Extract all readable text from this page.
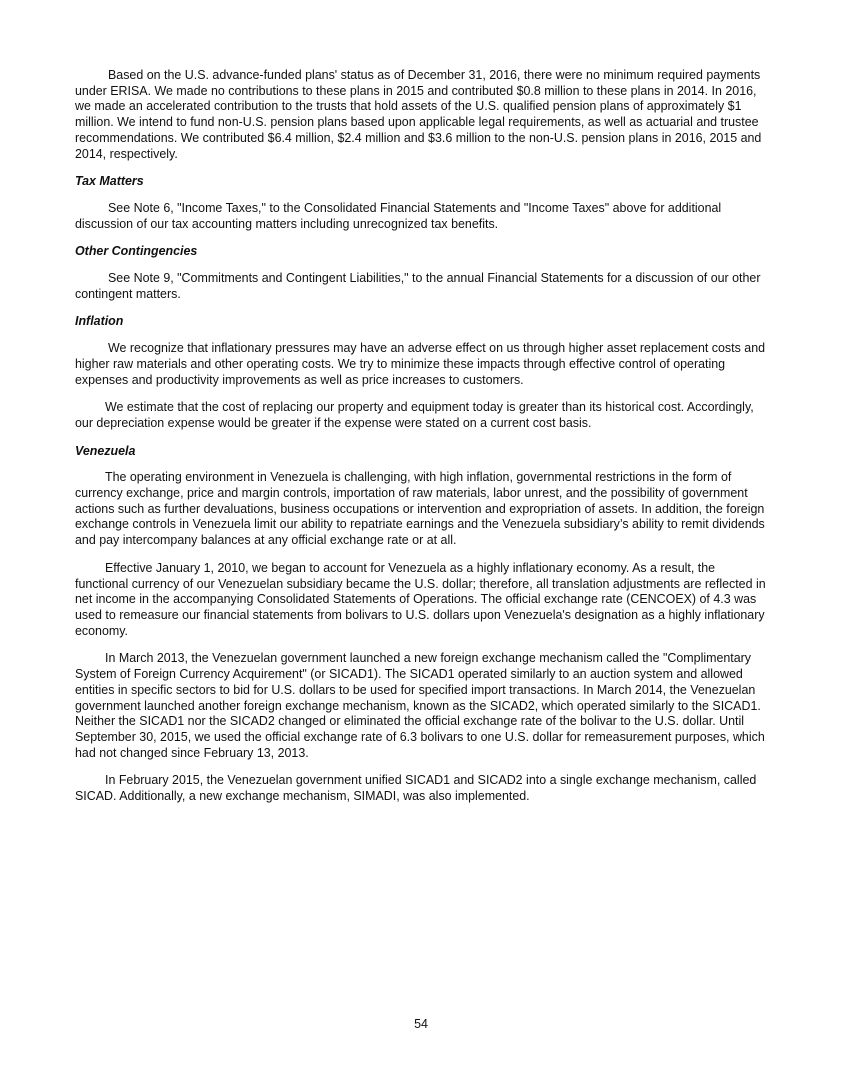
Based on the U.S. advance-funded plans' status as of December 31, 2016, there were no minimum required payments under ERISA. We made no contributions to these plans in 2015 and contributed $0.8 million to these plans in 2014. In 2016, we made an accelerated contribution to the trusts that hold assets of the U.S. qualified pension plans of approximately $1 million. We intend to fund non-U.S. pension plans based upon applicable legal requirements, as well as actuarial and trustee recommendations. We contributed $6.4 million, $2.4 million and $3.6 million to the non-U.S. pension plans in 2016, 2015 and 2014, respectively.

Tax Matters

See Note 6, "Income Taxes," to the Consolidated Financial Statements and "Income Taxes" above for additional discussion of our tax accounting matters including unrecognized tax benefits.

Other Contingencies

See Note 9, "Commitments and Contingent Liabilities," to the annual Financial Statements for a discussion of our other contingent matters.

Inflation

We recognize that inflationary pressures may have an adverse effect on us through higher asset replacement costs and higher raw materials and other operating costs. We try to minimize these impacts through effective control of operating expenses and productivity improvements as well as price increases to customers.

We estimate that the cost of replacing our property and equipment today is greater than its historical cost. Accordingly, our depreciation expense would be greater if the expense were stated on a current cost basis.

Venezuela

The operating environment in Venezuela is challenging, with high inflation, governmental restrictions in the form of currency exchange, price and margin controls, importation of raw materials, labor unrest, and the possibility of government actions such as further devaluations, business occupations or intervention and expropriation of assets. In addition, the foreign exchange controls in Venezuela limit our ability to repatriate earnings and the Venezuela subsidiary’s ability to remit dividends and pay intercompany balances at any official exchange rate or at all.

Effective January 1, 2010, we began to account for Venezuela as a highly inflationary economy. As a result, the functional currency of our Venezuelan subsidiary became the U.S. dollar; therefore, all translation adjustments are reflected in net income in the accompanying Consolidated Statements of Operations. The official exchange rate (CENCOEX) of 4.3 was used to remeasure our financial statements from bolivars to U.S. dollars upon Venezuela's designation as a highly inflationary economy.

In March 2013, the Venezuelan government launched a new foreign exchange mechanism called the "Complimentary System of Foreign Currency Acquirement" (or SICAD1). The SICAD1 operated similarly to an auction system and allowed entities in specific sectors to bid for U.S. dollars to be used for specified import transactions. In March 2014, the Venezuelan government launched another foreign exchange mechanism, known as the SICAD2, which operated similarly to the SICAD1. Neither the SICAD1 nor the SICAD2 changed or eliminated the official exchange rate of the bolivar to the U.S. dollar. Until September 30, 2015, we used the official exchange rate of 6.3 bolivars to one U.S. dollar for remeasurement purposes, which had not changed since February 13, 2013.

In February 2015, the Venezuelan government unified SICAD1 and SICAD2 into a single exchange mechanism, called SICAD. Additionally, a new exchange mechanism, SIMADI, was also implemented.

54
